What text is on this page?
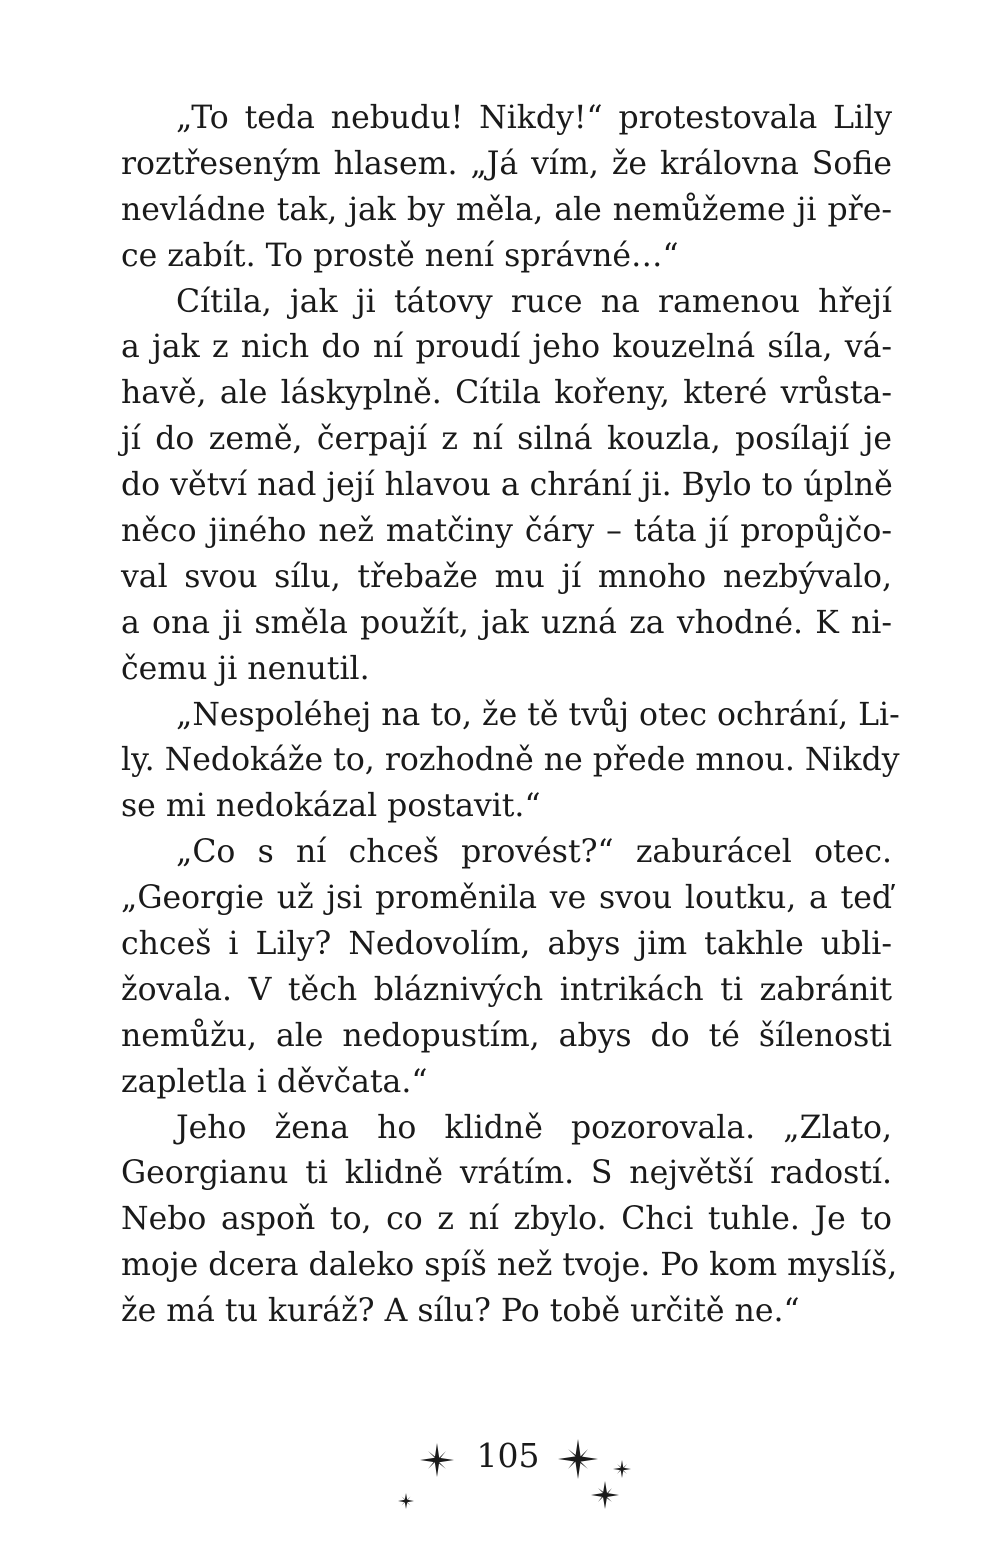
„To teda nebudu! Nikdy!“ protestovala Lily
roztřeseným hlasem. „Já vím, že královna Sofie
nevládne tak, jak by měla, ale nemůžeme ji pře-
ce zabít. To prostě není správné…“
Cítila, jak ji tátovy ruce na ramenou hřejí
a jak z nich do ní proudí jeho kouzelná síla, vá-
havě, ale láskyplně. Cítila kořeny, které vrůsta-
jí do země, čerpají z ní silná kouzla, posílají je
do větví nad její hlavou a chrání ji. Bylo to úplně
něco jiného než matčiny čáry – táta jí propůjčo-
val svou sílu, třebaže mu jí mnoho nezbývalo,
a ona ji směla použít, jak uzná za vhodné. K ni-
čemu ji nenutil.
„Nespoléhej na to, že tě tvůj otec ochrání, Li-
ly. Nedokáže to, rozhodně ne přede mnou. Nikdy
se mi nedokázal postavit.“
„Co s ní chceš provést?“ zaburácel otec.
„Georgie už jsi proměnila ve svou loutku, a teď
chceš i Lily? Nedovolím, abys jim takhle ubli-
žovala. V těch bláznivých intrikách ti zabránit
nemůžu, ale nedopustím, abys do té šílenosti
zapletla i děvčata.“
Jeho žena ho klidně pozorovala. „Zlato,
Georgianu ti klidně vrátím. S největší radostí.
Nebo aspoň to, co z ní zbylo. Chci tuhle. Je to
moje dcera daleko spíš než tvoje. Po kom myslíš,
že má tu kuráž? A sílu? Po tobě určitě ne.“
105
